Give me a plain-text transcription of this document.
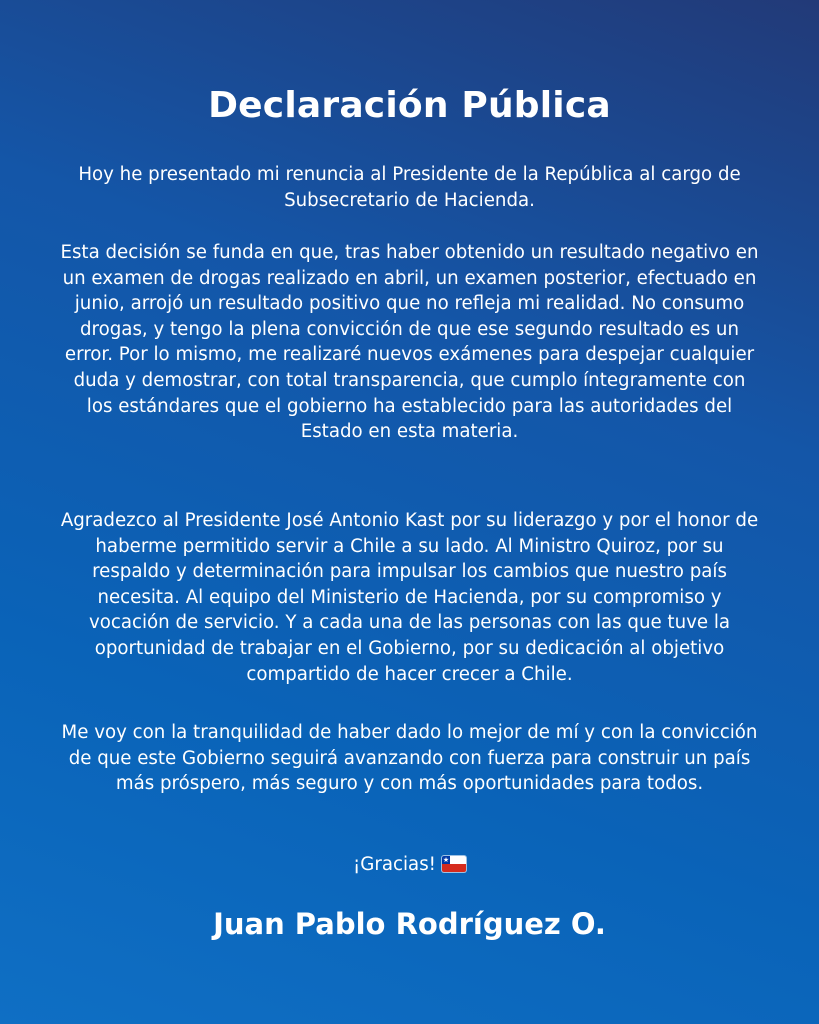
Declaración Pública

Hoy he presentado mi renuncia al Presidente de la República al cargo de Subsecretario de Hacienda.

Esta decisión se funda en que, tras haber obtenido un resultado negativo en un examen de drogas realizado en abril, un examen posterior, efectuado en junio, arrojó un resultado positivo que no refleja mi realidad. No consumo drogas, y tengo la plena convicción de que ese segundo resultado es un error. Por lo mismo, me realizaré nuevos exámenes para despejar cualquier duda y demostrar, con total transparencia, que cumplo íntegramente con los estándares que el gobierno ha establecido para las autoridades del Estado en esta materia.

Agradezco al Presidente José Antonio Kast por su liderazgo y por el honor de haberme permitido servir a Chile a su lado. Al Ministro Quiroz, por su respaldo y determinación para impulsar los cambios que nuestro país necesita. Al equipo del Ministerio de Hacienda, por su compromiso y vocación de servicio. Y a cada una de las personas con las que tuve la oportunidad de trabajar en el Gobierno, por su dedicación al objetivo compartido de hacer crecer a Chile.

Me voy con la tranquilidad de haber dado lo mejor de mí y con la convicción de que este Gobierno seguirá avanzando con fuerza para construir un país más próspero, más seguro y con más oportunidades para todos.

¡Gracias! ★

Juan Pablo Rodríguez O.
